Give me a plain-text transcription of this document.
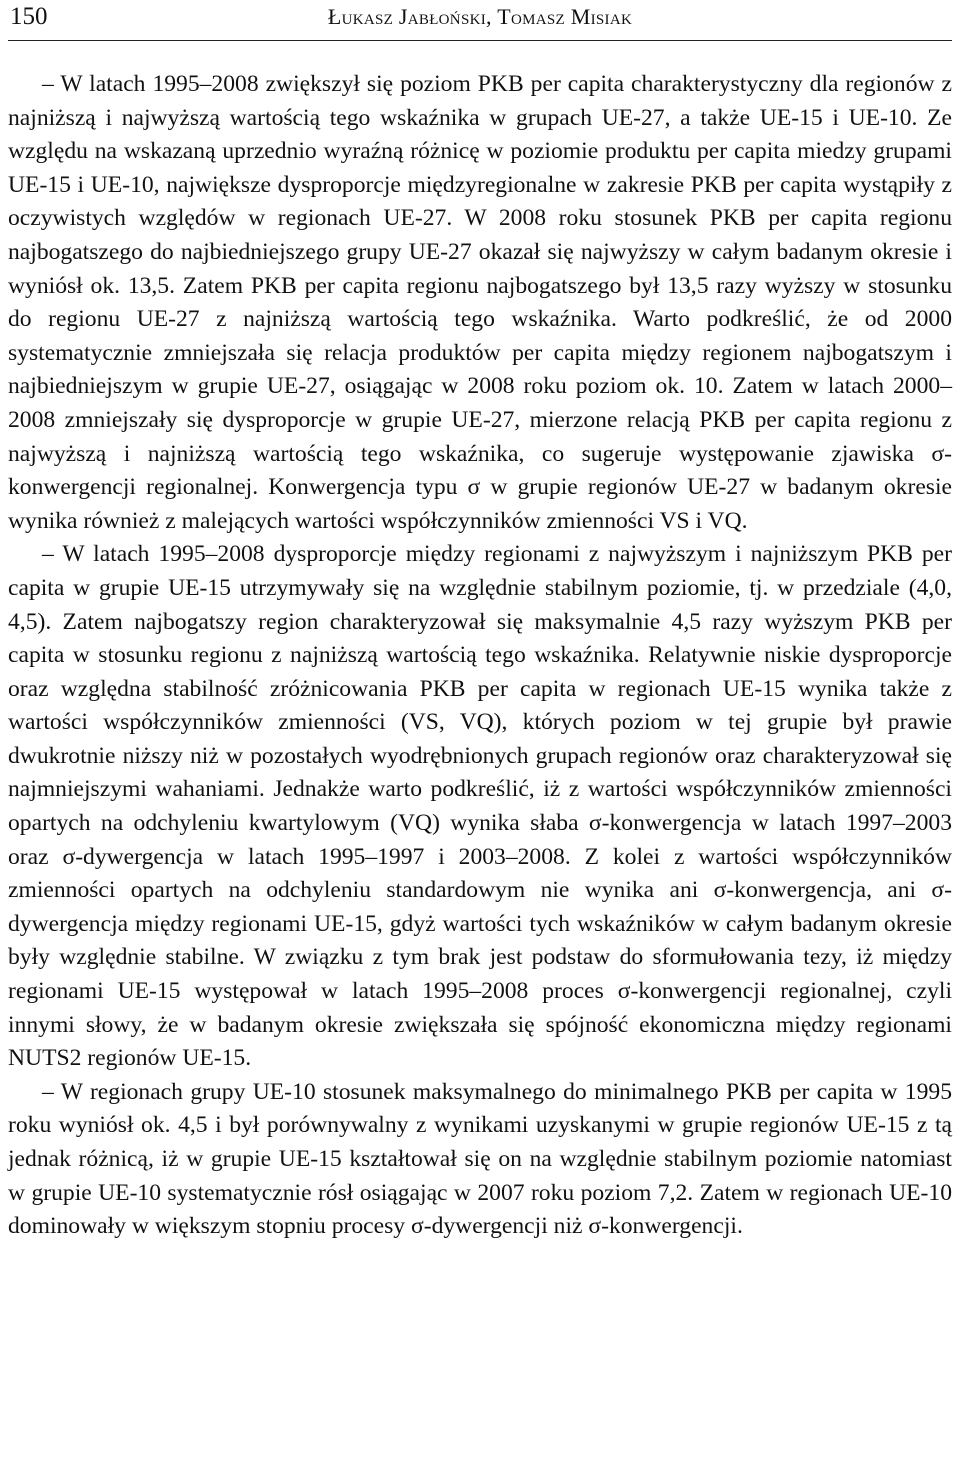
150	Łukasz Jabłoński, Tomasz Misiak

– W latach 1995–2008 zwiększył się poziom PKB per capita charakterystyczny dla regionów z najniższą i najwyższą wartością tego wskaźnika w grupach UE-27, a także UE-15 i UE-10. Ze względu na wskazaną uprzednio wyraźną różnicę w poziomie produktu per capita miedzy grupami UE-15 i UE-10, największe dysproporcje międzyregionalne w zakresie PKB per capita wystąpiły z oczywistych względów w regionach UE-27. W 2008 roku stosunek PKB per capita regionu najbogatszego do najbiedniejszego grupy UE-27 okazał się najwyższy w całym badanym okresie i wyniósł ok. 13,5. Zatem PKB per capita regionu najbogatszego był 13,5 razy wyższy w stosunku do regionu UE-27 z najniższą wartością tego wskaźnika. Warto podkreślić, że od 2000 systematycznie zmniejszała się relacja produktów per capita między regionem najbogatszym i najbiedniejszym w grupie UE-27, osiągając w 2008 roku poziom ok. 10. Zatem w latach 2000–2008 zmniejszały się dysproporcje w grupie UE-27, mierzone relacją PKB per capita regionu z najwyższą i najniższą wartością tego wskaźnika, co sugeruje występowanie zjawiska σ-konwergencji regionalnej. Konwergencja typu σ w grupie regionów UE-27 w badanym okresie wynika również z malejących wartości współczynników zmienności VS i VQ.

– W latach 1995–2008 dysproporcje między regionami z najwyższym i najniższym PKB per capita w grupie UE-15 utrzymywały się na względnie stabilnym poziomie, tj. w przedziale (4,0, 4,5). Zatem najbogatszy region charakteryzował się maksymalnie 4,5 razy wyższym PKB per capita w stosunku regionu z najniższą wartością tego wskaźnika. Relatywnie niskie dysproporcje oraz względna stabilność zróżnicowania PKB per capita w regionach UE-15 wynika także z wartości współczynników zmienności (VS, VQ), których poziom w tej grupie był prawie dwukrotnie niższy niż w pozostałych wyodrębnionych grupach regionów oraz charakteryzował się najmniejszymi wahaniami. Jednakże warto podkreślić, iż z wartości współczynników zmienności opartych na odchyleniu kwartylowym (VQ) wynika słaba σ-konwergencja w latach 1997–2003 oraz σ-dywergencja w latach 1995–1997 i 2003–2008. Z kolei z wartości współczynników zmienności opartych na odchyleniu standardowym nie wynika ani σ-konwergencja, ani σ-dywergencja między regionami UE-15, gdyż wartości tych wskaźników w całym badanym okresie były względnie stabilne. W związku z tym brak jest podstaw do sformułowania tezy, iż między regionami UE-15 występował w latach 1995–2008 proces σ-konwergencji regionalnej, czyli innymi słowy, że w badanym okresie zwiększała się spójność ekonomiczna między regionami NUTS2 regionów UE-15.

– W regionach grupy UE-10 stosunek maksymalnego do minimalnego PKB per capita w 1995 roku wyniósł ok. 4,5 i był porównywalny z wynikami uzyskanymi w grupie regionów UE-15 z tą jednak różnicą, iż w grupie UE-15 kształtował się on na względnie stabilnym poziomie natomiast w grupie UE-10 systematycznie rósł osiągając w 2007 roku poziom 7,2. Zatem w regionach UE-10 dominowały w większym stopniu procesy σ-dywergencji niż σ-konwergencji.
